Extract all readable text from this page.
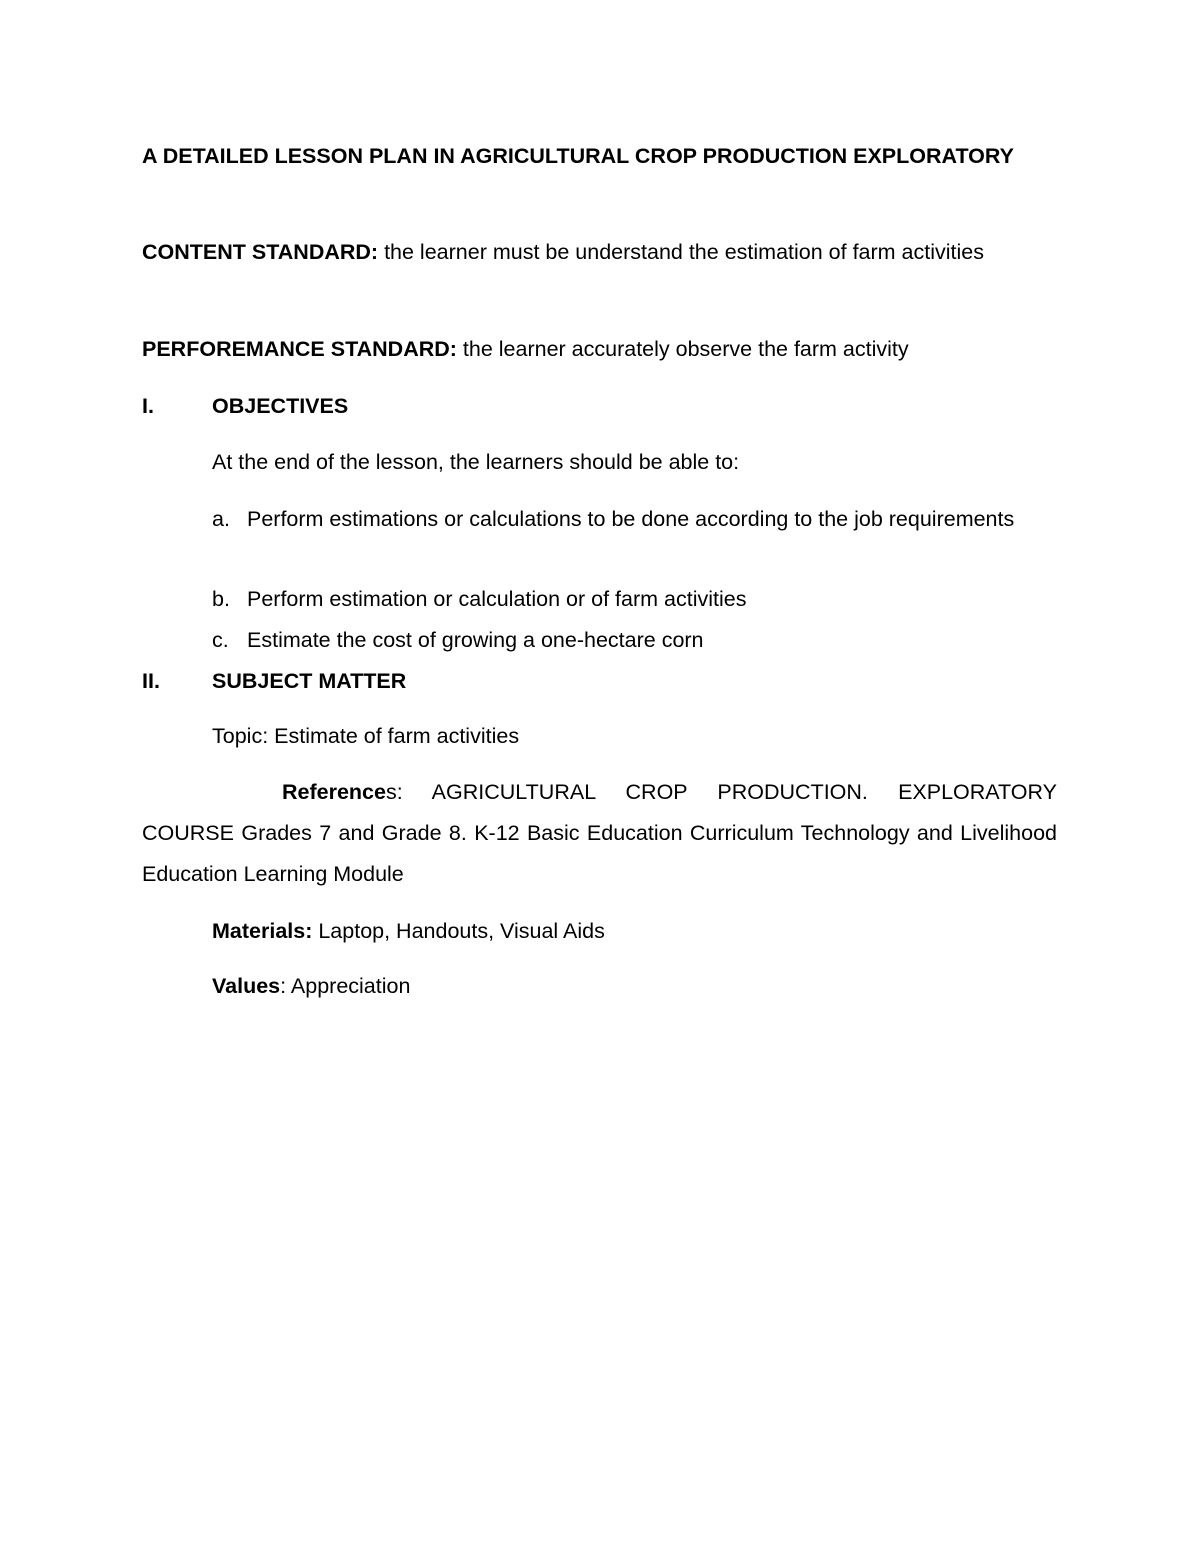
A DETAILED LESSON PLAN IN AGRICULTURAL CROP PRODUCTION EXPLORATORY
CONTENT STANDARD: the learner must be understand the estimation of farm activities
PERFOREMANCE STANDARD: the learner accurately observe the farm activity
I.	OBJECTIVES
At the end of the lesson, the learners should be able to:
a. Perform estimations or calculations to be done according to the job requirements
b. Perform estimation or calculation or of farm activities
c. Estimate the cost of growing a one-hectare corn
II. SUBJECT MATTER
Topic: Estimate of farm activities
References: AGRICULTURAL CROP PRODUCTION. EXPLORATORY COURSE Grades 7 and Grade 8. K-12 Basic Education Curriculum Technology and Livelihood Education Learning Module
Materials: Laptop, Handouts, Visual Aids
Values: Appreciation
